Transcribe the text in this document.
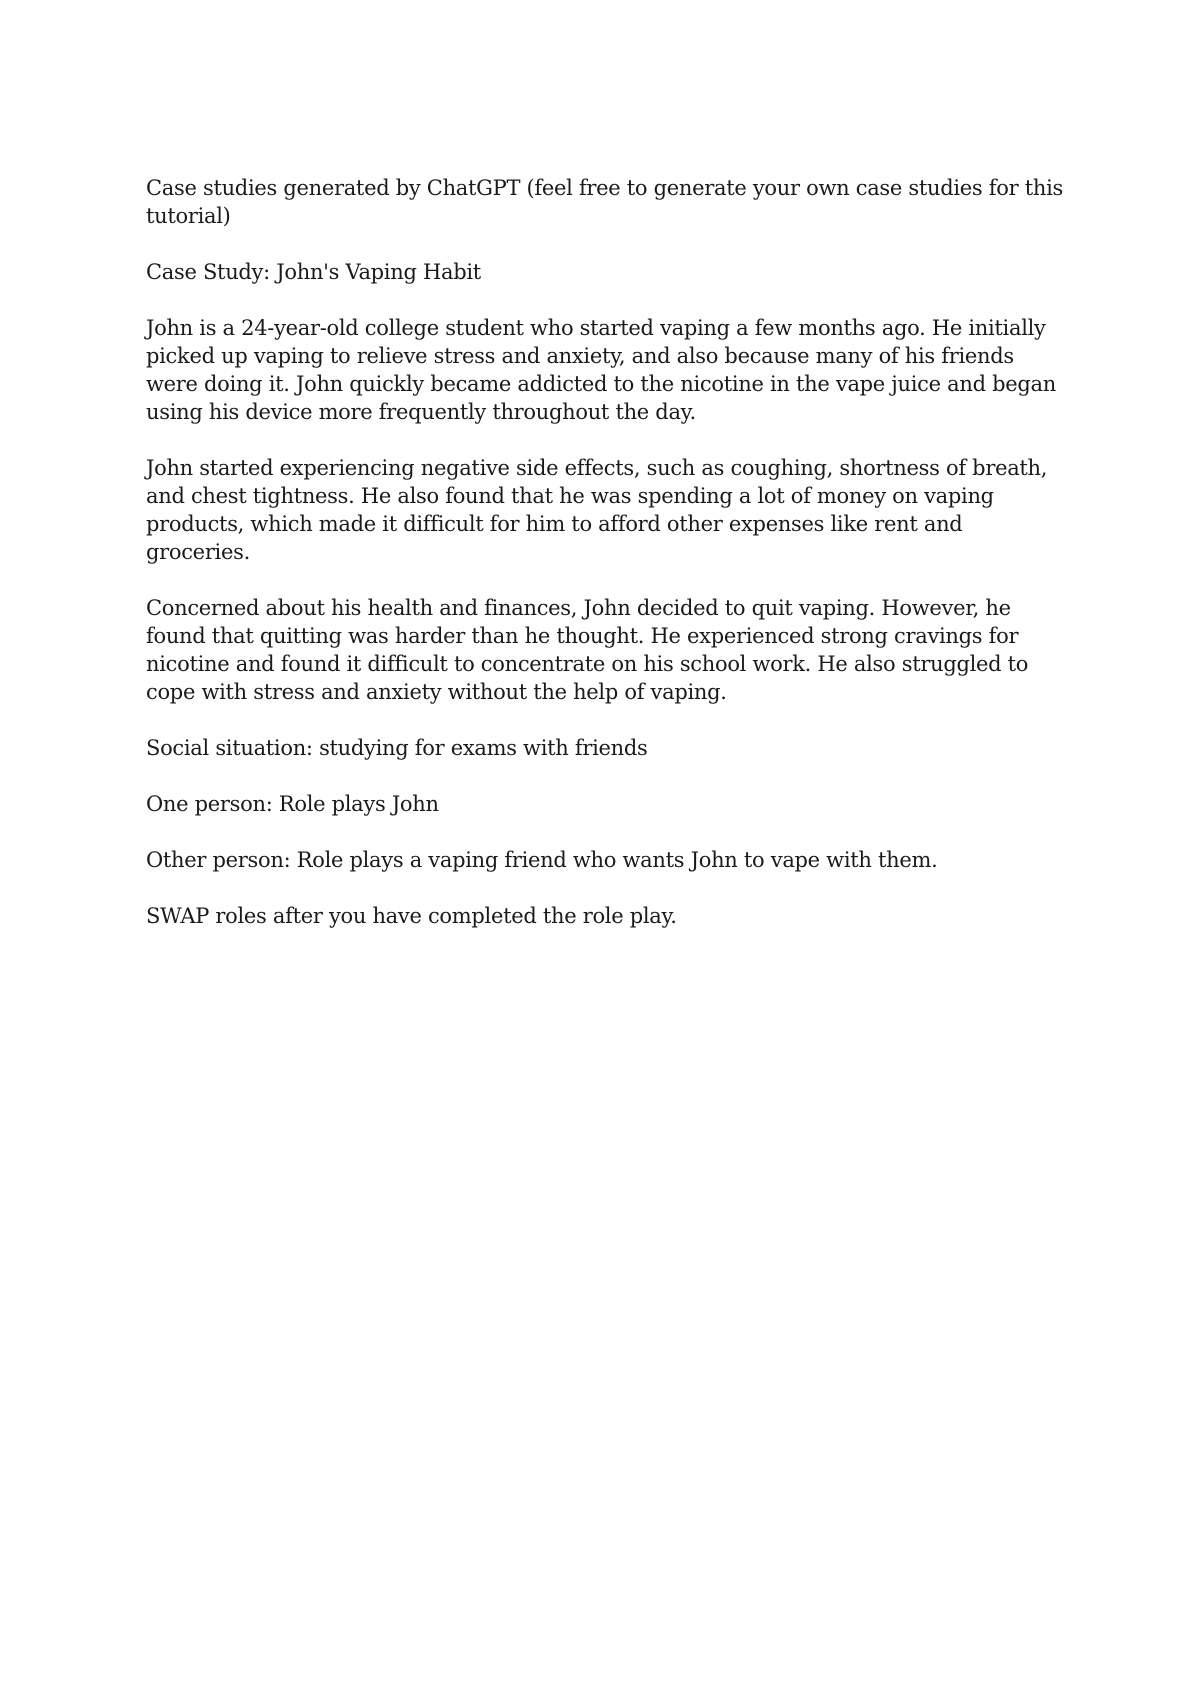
Case studies generated by ChatGPT (feel free to generate your own case studies for this tutorial)

Case Study: John's Vaping Habit

John is a 24-year-old college student who started vaping a few months ago. He initially picked up vaping to relieve stress and anxiety, and also because many of his friends were doing it. John quickly became addicted to the nicotine in the vape juice and began using his device more frequently throughout the day.

John started experiencing negative side effects, such as coughing, shortness of breath, and chest tightness. He also found that he was spending a lot of money on vaping products, which made it difficult for him to afford other expenses like rent and groceries.

Concerned about his health and finances, John decided to quit vaping. However, he found that quitting was harder than he thought. He experienced strong cravings for nicotine and found it difficult to concentrate on his school work. He also struggled to cope with stress and anxiety without the help of vaping.

Social situation: studying for exams with friends

One person: Role plays John

Other person: Role plays a vaping friend who wants John to vape with them.

SWAP roles after you have completed the role play.
